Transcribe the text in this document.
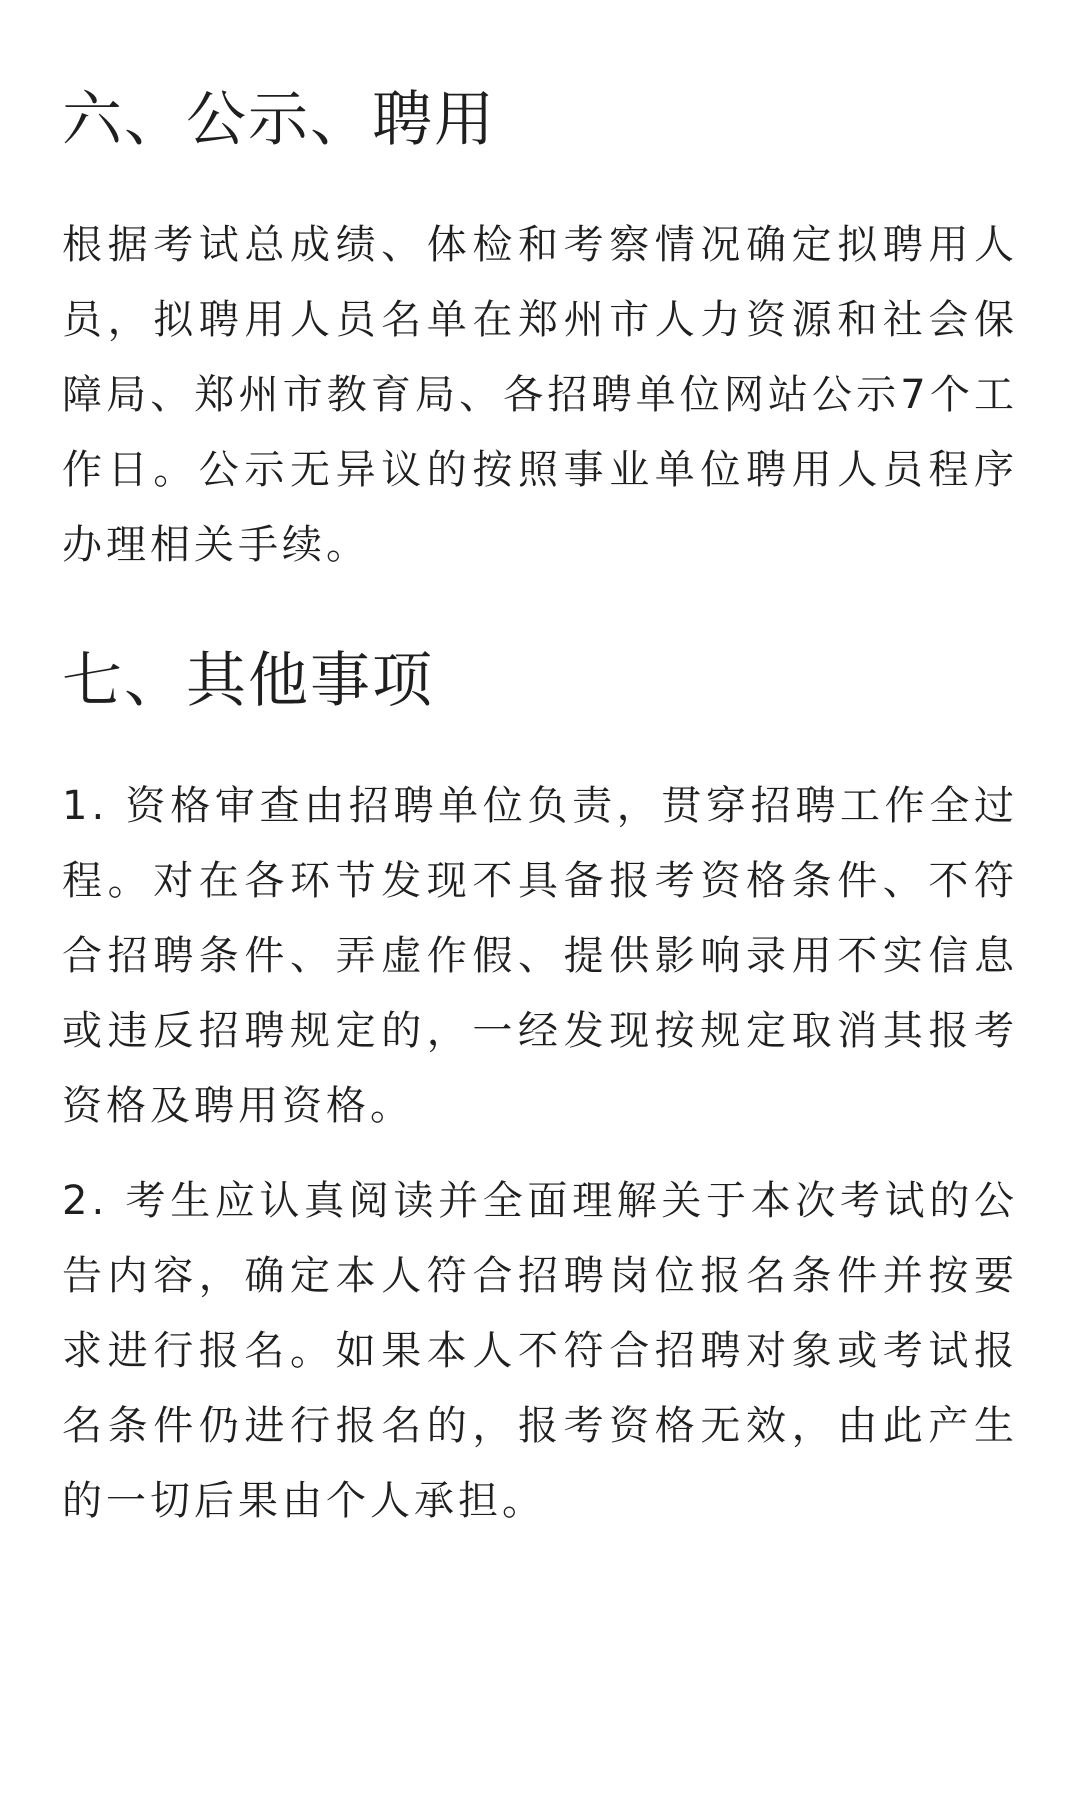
六、公示、聘用

根据考试总成绩、体检和考察情况确定拟聘用人员，拟聘用人员名单在郑州市人力资源和社会保障局、郑州市教育局、各招聘单位网站公示7个工作日。公示无异议的按照事业单位聘用人员程序办理相关手续。

七、其他事项

1. 资格审查由招聘单位负责，贯穿招聘工作全过程。对在各环节发现不具备报考资格条件、不符合招聘条件、弄虚作假、提供影响录用不实信息或违反招聘规定的，一经发现按规定取消其报考资格及聘用资格。

2. 考生应认真阅读并全面理解关于本次考试的公告内容，确定本人符合招聘岗位报名条件并按要求进行报名。如果本人不符合招聘对象或考试报名条件仍进行报名的，报考资格无效，由此产生的一切后果由个人承担。
